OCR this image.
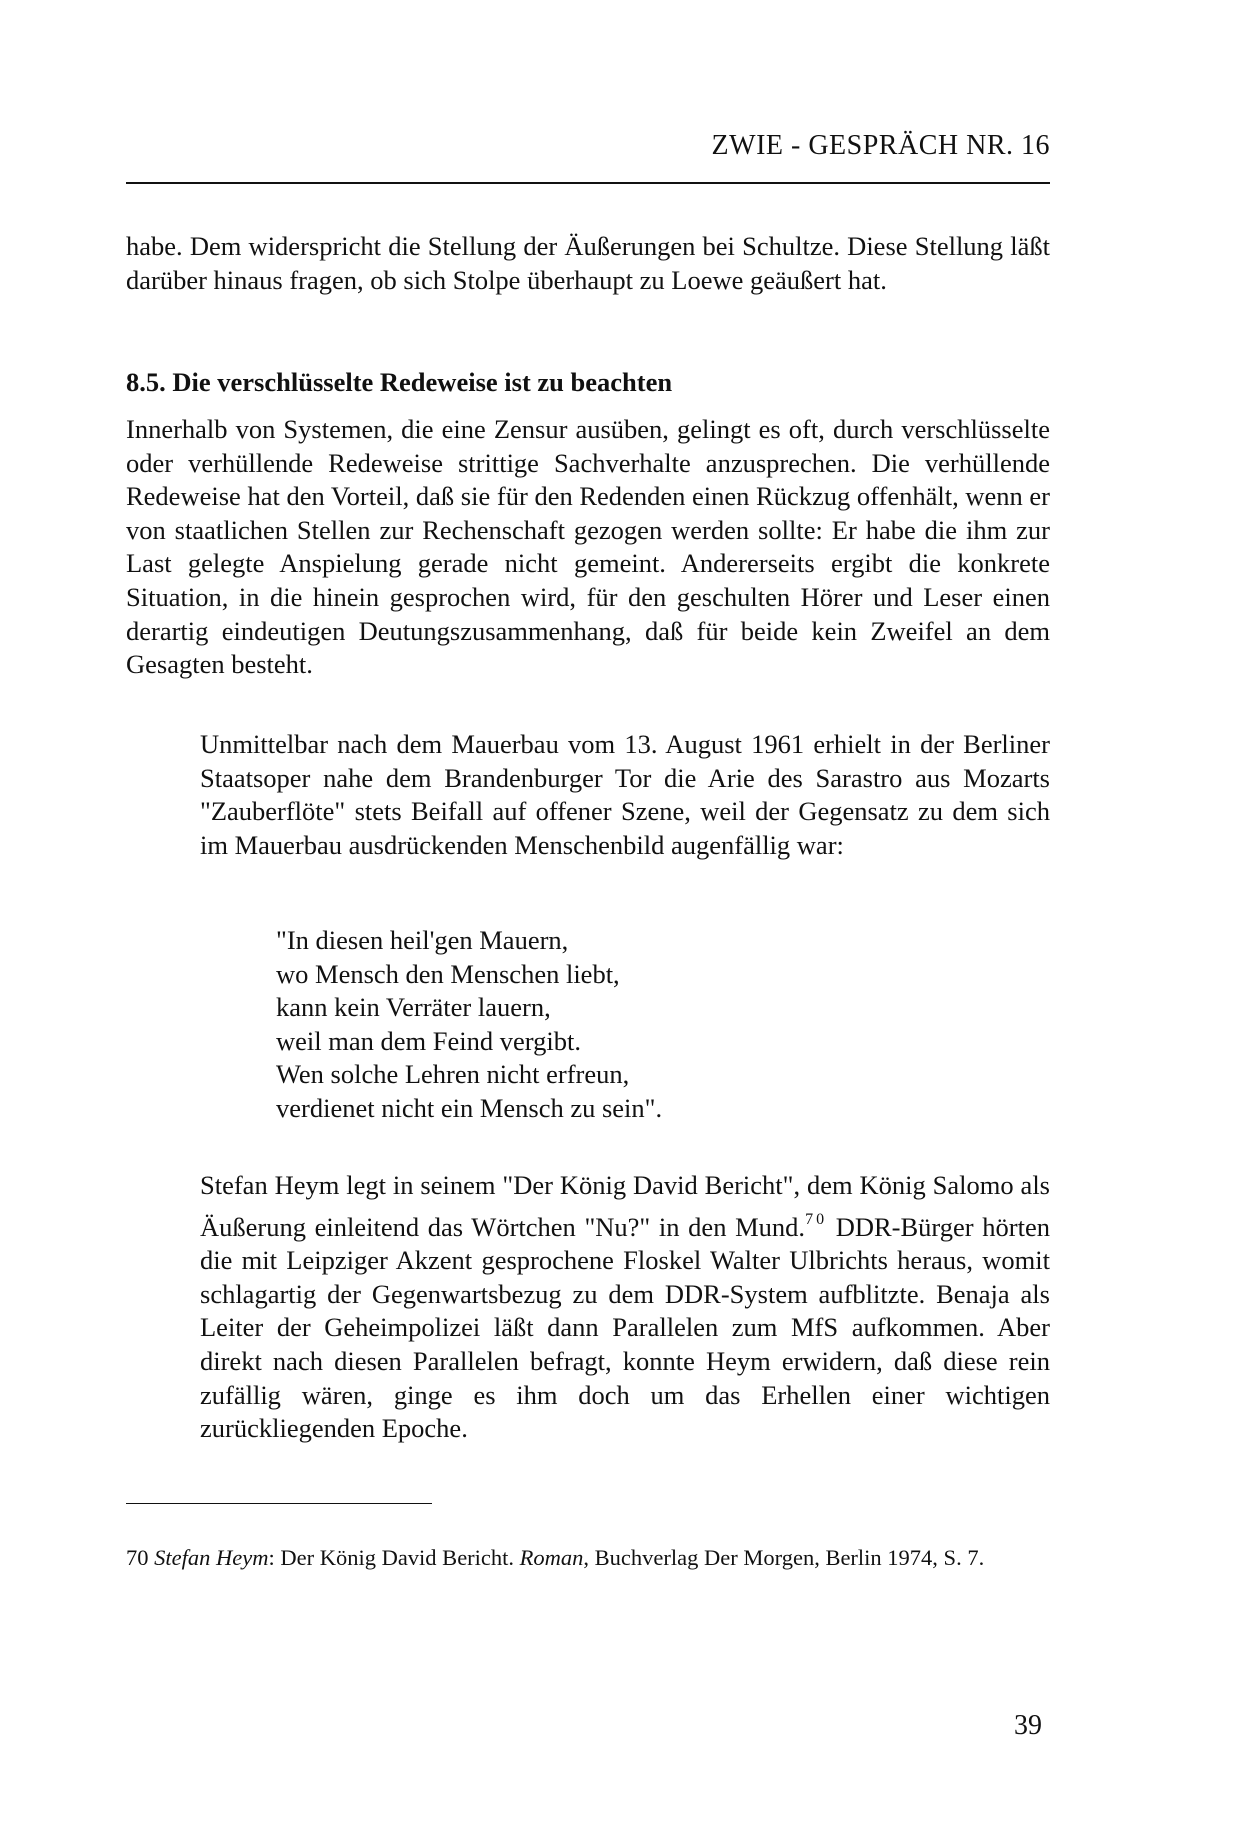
ZWIE - GESPRÄCH NR. 16

habe. Dem widerspricht die Stellung der Äußerungen bei Schultze. Diese Stellung läßt darüber hinaus fragen, ob sich Stolpe überhaupt zu Loewe geäußert hat.

8.5. Die verschlüsselte Redeweise ist zu beachten

Innerhalb von Systemen, die eine Zensur ausüben, gelingt es oft, durch verschlüsselte oder verhüllende Redeweise strittige Sachverhalte anzusprechen. Die verhüllende Redeweise hat den Vorteil, daß sie für den Redenden einen Rückzug offenhält, wenn er von staatlichen Stellen zur Rechenschaft gezogen werden sollte: Er habe die ihm zur Last gelegte Anspielung gerade nicht gemeint. Andererseits ergibt die konkrete Situation, in die hinein gesprochen wird, für den geschulten Hörer und Leser einen derartig eindeutigen Deutungszusammenhang, daß für beide kein Zweifel an dem Gesagten besteht.

Unmittelbar nach dem Mauerbau vom 13. August 1961 erhielt in der Berliner Staatsoper nahe dem Brandenburger Tor die Arie des Sarastro aus Mozarts "Zauberflöte" stets Beifall auf offener Szene, weil der Gegensatz zu dem sich im Mauerbau ausdrückenden Menschenbild augenfällig war:

"In diesen heil'gen Mauern,
wo Mensch den Menschen liebt,
kann kein Verräter lauern,
weil man dem Feind vergibt.
Wen solche Lehren nicht erfreun,
verdienet nicht ein Mensch zu sein".

Stefan Heym legt in seinem "Der König David Bericht", dem König Salomo als Äußerung einleitend das Wörtchen "Nu?" in den Mund.$^{70}$ DDR-Bürger hörten die mit Leipziger Akzent gesprochene Floskel Walter Ulbrichts heraus, womit schlagartig der Gegenwartsbezug zu dem DDR-System aufblitzte. Benaja als Leiter der Geheimpolizei läßt dann Parallelen zum MfS aufkommen. Aber direkt nach diesen Parallelen befragt, konnte Heym erwidern, daß diese rein zufällig wären, ginge es ihm doch um das Erhellen einer wichtigen zurückliegenden Epoche.

70 Stefan Heym: Der König David Bericht. Roman, Buchverlag Der Morgen, Berlin 1974, S. 7.

39
